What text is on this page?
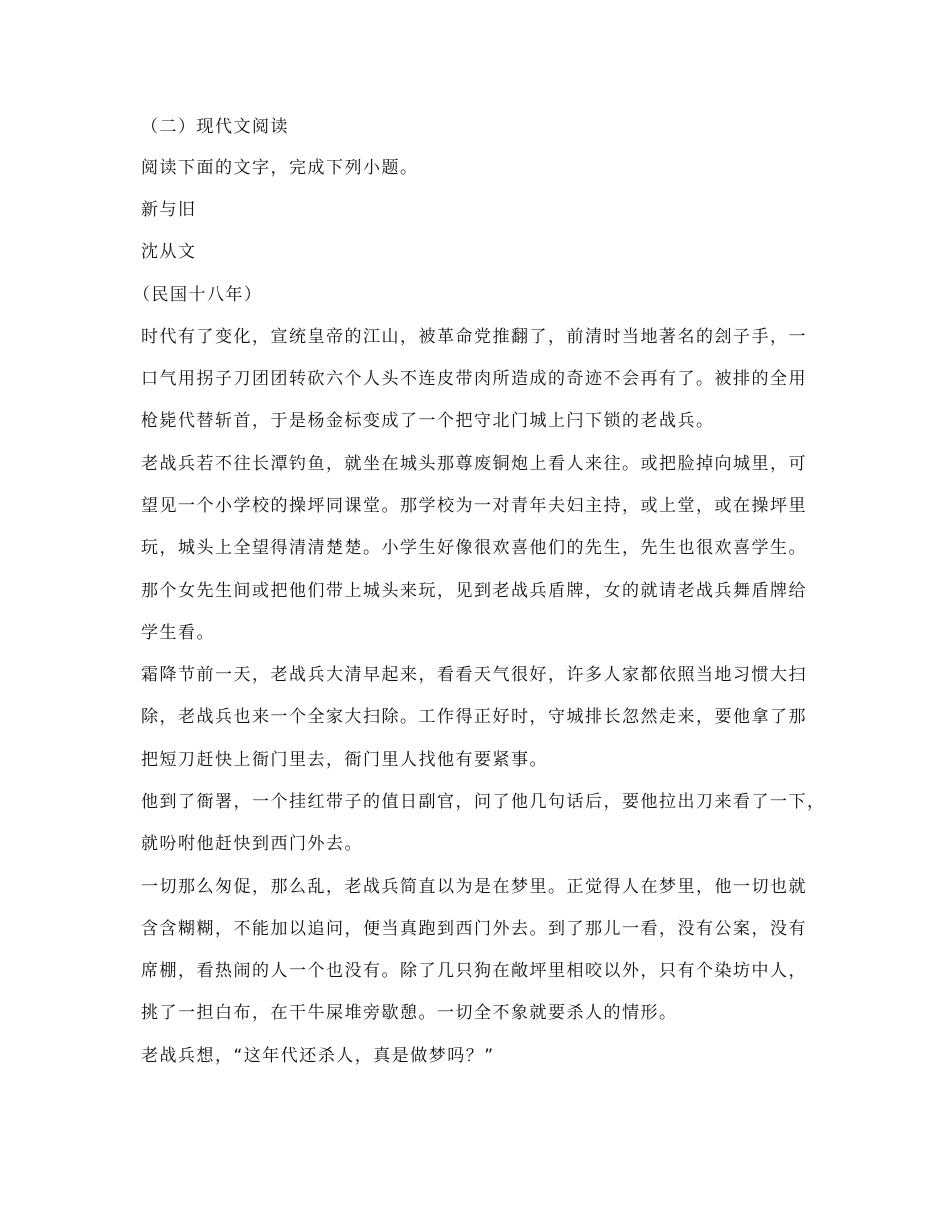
（二）现代文阅读
阅读下面的文字，完成下列小题。
新与旧
沈从文
（民国十八年）
时代有了变化，宣统皇帝的江山，被革命党推翻了，前清时当地著名的刽子手，一
口气用拐子刀团团转砍六个人头不连皮带肉所造成的奇迹不会再有了。被排的全用
枪毙代替斩首，于是杨金标变成了一个把守北门城上闩下锁的老战兵。
老战兵若不往长潭钓鱼，就坐在城头那尊废铜炮上看人来往。或把脸掉向城里，可
望见一个小学校的操坪同课堂。那学校为一对青年夫妇主持，或上堂，或在操坪里
玩，城头上全望得清清楚楚。小学生好像很欢喜他们的先生，先生也很欢喜学生。
那个女先生间或把他们带上城头来玩，见到老战兵盾牌，女的就请老战兵舞盾牌给
学生看。
霜降节前一天，老战兵大清早起来，看看天气很好，许多人家都依照当地习惯大扫
除，老战兵也来一个全家大扫除。工作得正好时，守城排长忽然走来，要他拿了那
把短刀赶快上衙门里去，衙门里人找他有要紧事。
他到了衙署，一个挂红带子的值日副官，问了他几句话后，要他拉出刀来看了一下，
就吩咐他赶快到西门外去。
一切那么匆促，那么乱，老战兵简直以为是在梦里。正觉得人在梦里，他一切也就
含含糊糊，不能加以追问，便当真跑到西门外去。到了那儿一看，没有公案，没有
席棚，看热闹的人一个也没有。除了几只狗在敞坪里相咬以外，只有个染坊中人，
挑了一担白布，在干牛屎堆旁歇憩。一切全不象就要杀人的情形。
老战兵想，“这年代还杀人，真是做梦吗？”
